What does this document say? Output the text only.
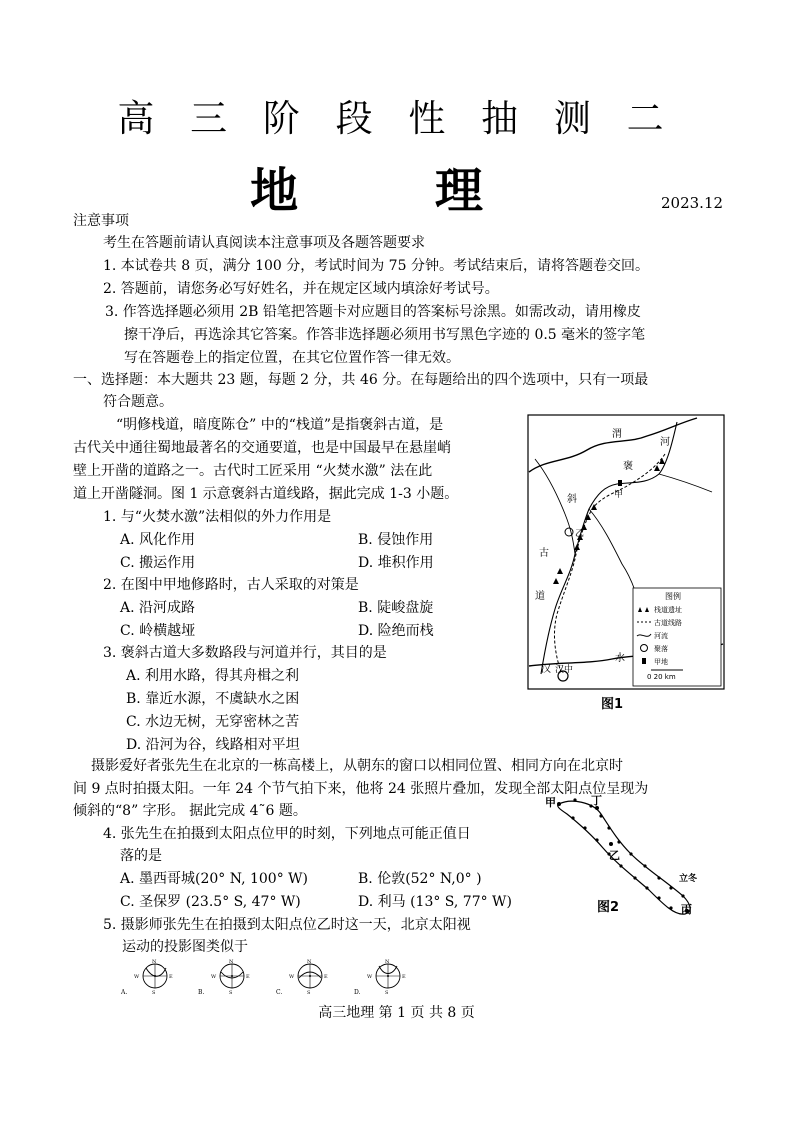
高 三 阶 段 性 抽 测 二
地 理	2023.12
注意事项
考生在答题前请认真阅读本注意事项及各题答题要求
1. 本试卷共 8 页，满分 100 分，考试时间为 75 分钟。考试结束后，请将答题卷交回。
2. 答题前，请您务必写好姓名，并在规定区域内填涂好考试号。
3. 作答选择题必须用 2B 铅笔把答题卡对应题目的答案标号涂黑。如需改动，请用橡皮
擦干净后，再选涂其它答案。作答非选择题必须用书写黑色字迹的 0.5 毫米的签字笔
写在答题卷上的指定位置，在其它位置作答一律无效。
一、选择题：本大题共 23 题，每题 2 分，共 46 分。在每题给出的四个选项中，只有一项最
符合题意。
“明修栈道，暗度陈仓” 中的“栈道”是指褒斜古道，是
古代关中通往蜀地最著名的交通要道，也是中国最早在悬崖峭
壁上开凿的道路之一。古代时工匠采用 “火焚水激” 法在此
道上开凿隧洞。图 1 示意褒斜古道线路，据此完成 1-3 小题。
1. 与“火焚水激”法相似的外力作用是
A. 风化作用	B. 侵蚀作用
C. 搬运作用	D. 堆积作用
2. 在图中甲地修路时，古人采取的对策是
A. 沿河成路	B. 陡峻盘旋
C. 岭横越垭	D. 险绝而栈
3. 褒斜古道大多数路段与河道并行，其目的是
A. 利用水路，得其舟楫之利
B. 靠近水源，不虞缺水之困
C. 水边无树，无穿密林之苦
D. 沿河为谷，线路相对平坦
渭
河
褒
甲
斜
乙
古
道
水
汉 汉中
图例
栈道遗址
古道线路
河流
聚落
甲地
0 20 km
图1
摄影爱好者张先生在北京的一栋高楼上，从朝东的窗口以相同位置、相同方向在北京时
间 9 点时拍摄太阳。一年 24 个节气拍下来，他将 24 张照片叠加，发现全部太阳点位呈现为
倾斜的“8” 字形。 据此完成 4˜6 题。
4. 张先生在拍摄到太阳点位甲的时刻，下列地点可能正值日
落的是
A. 墨西哥城(20° N, 100° W)	B. 伦敦(52° N,0° )
C. 圣保罗 (23.5° S, 47° W)	D. 利马 (13° S, 77° W)
甲	丁
乙
立冬
丙
图2
5. 摄影师张先生在拍摄到太阳点位乙时这一天，北京太阳视
运动的投影图类似于
A.
N
S
W	E
B.
N
S
W	E
C.
N
S
W	E
D.
N
S
W	E
高三地理 第 1 页 共 8 页
